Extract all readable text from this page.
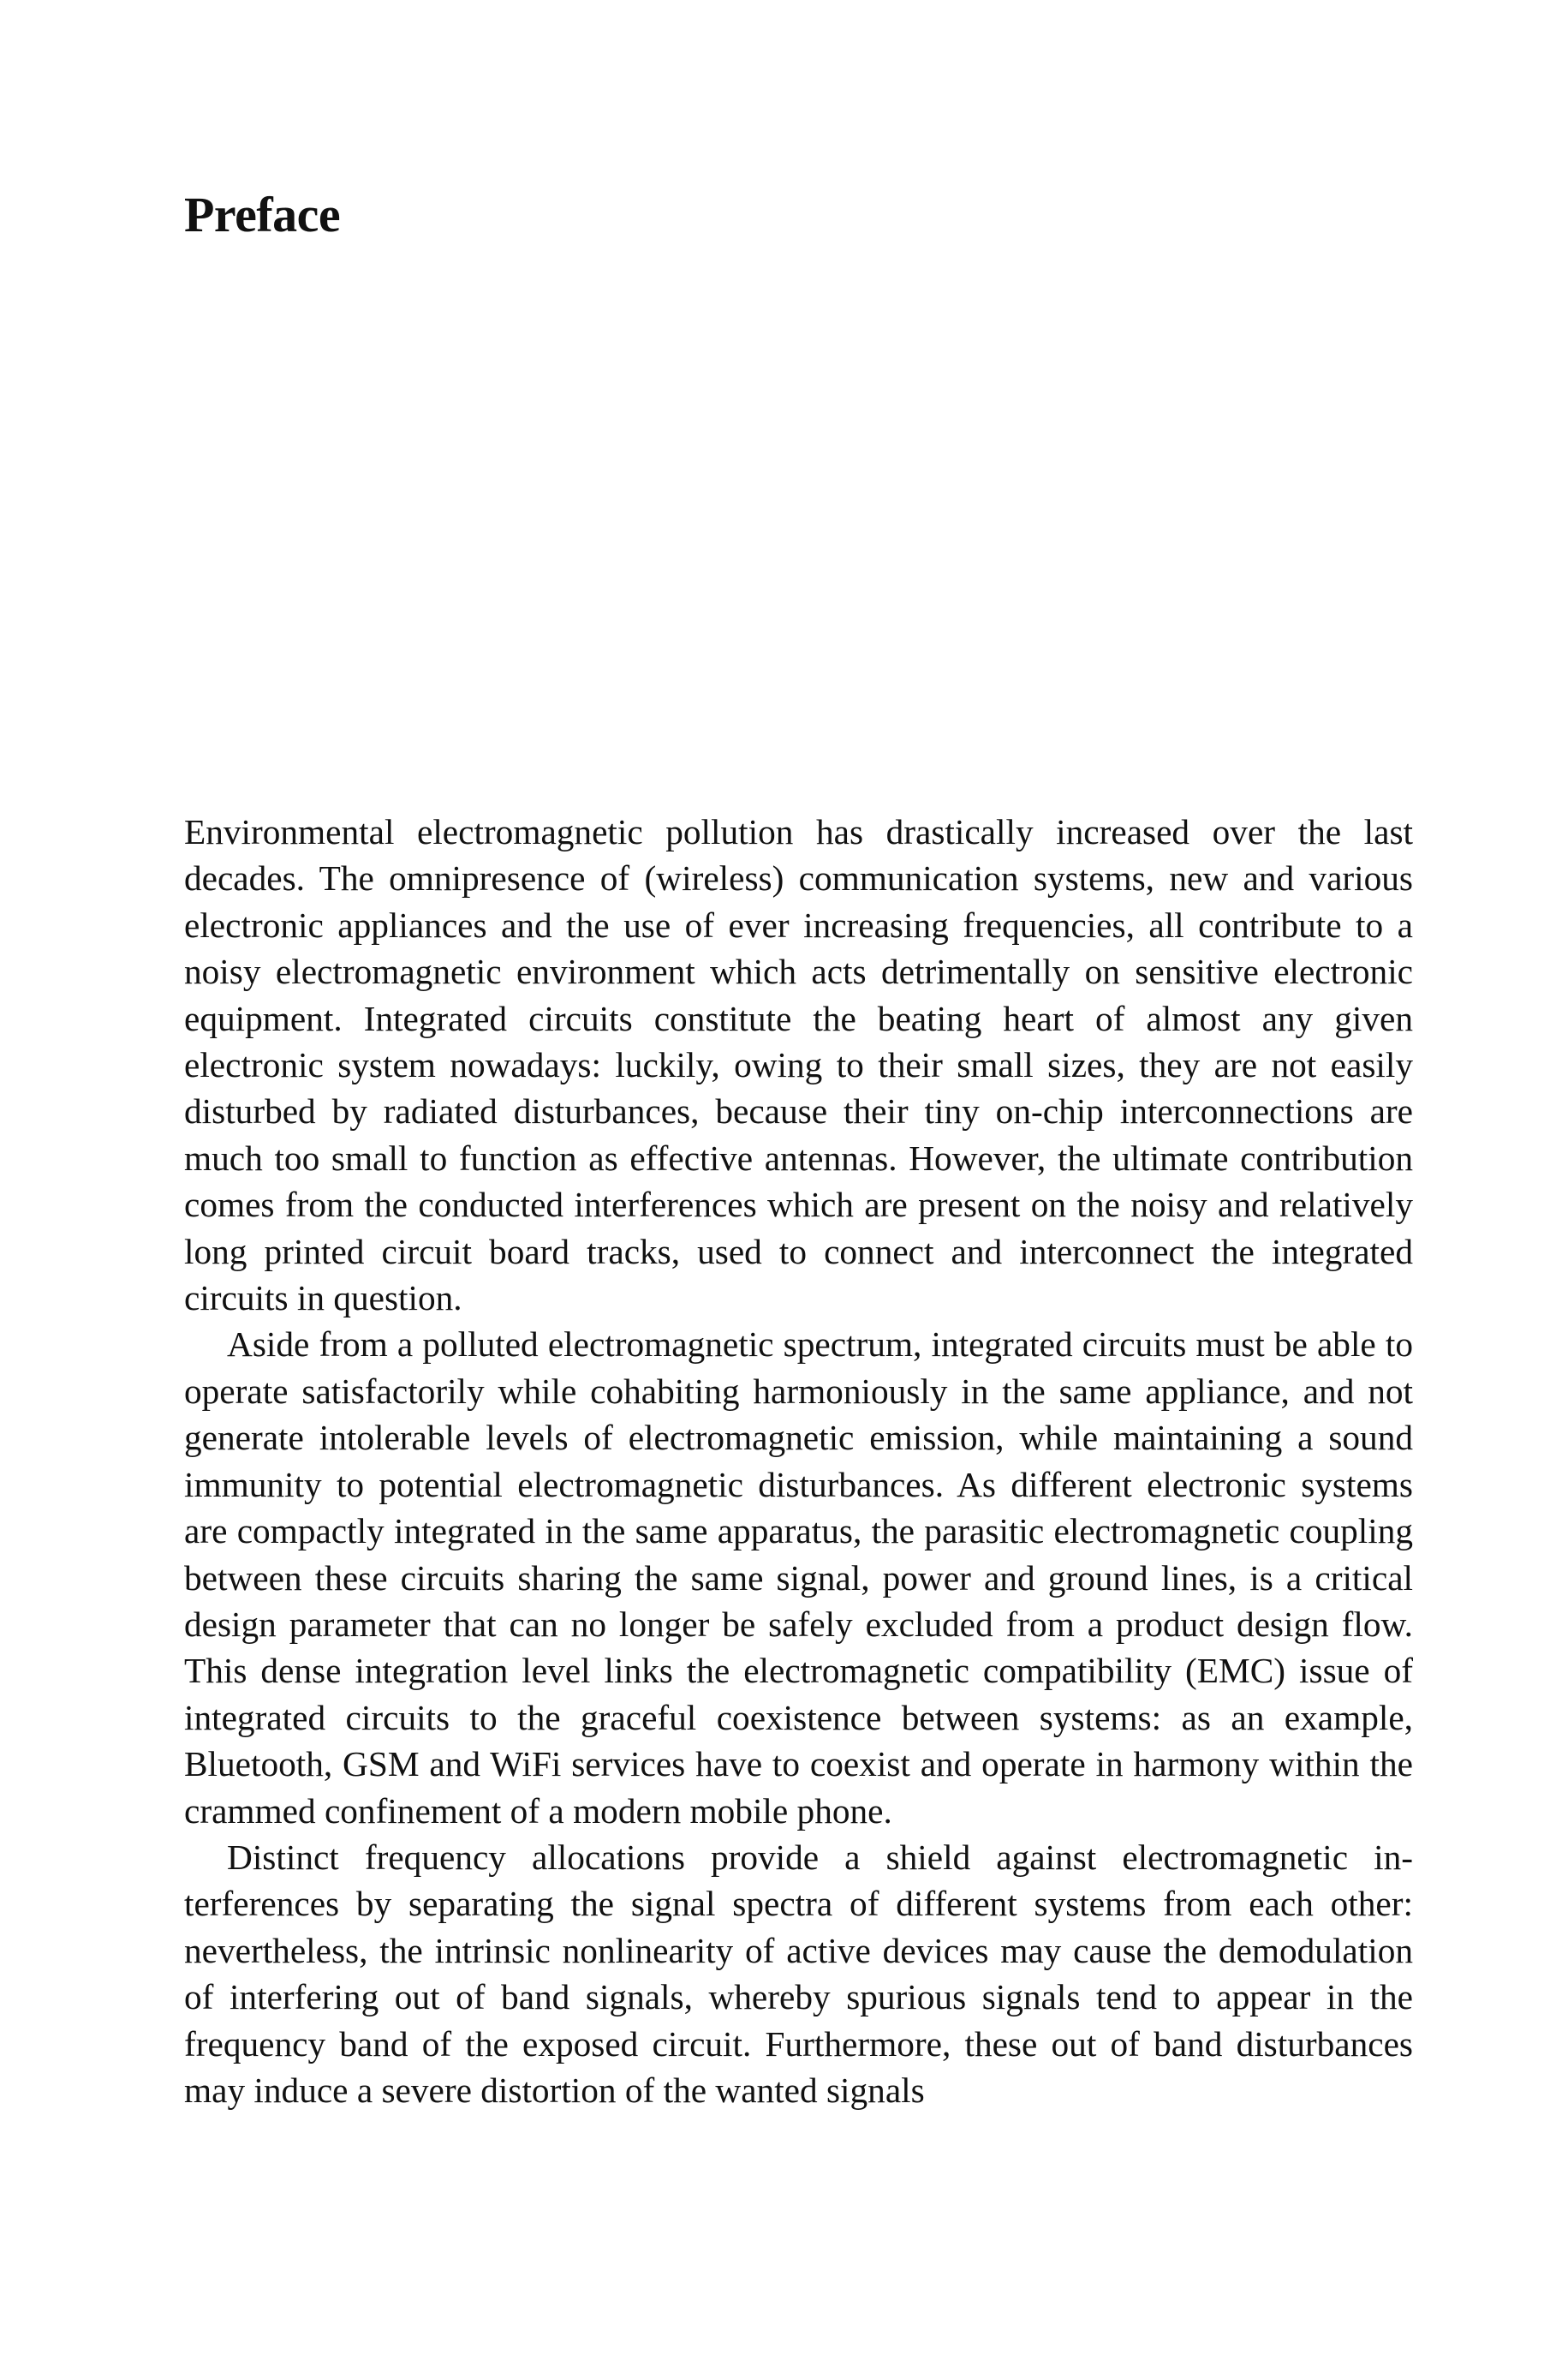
Preface

Environmental electromagnetic pollution has drastically increased over the last decades. The omnipresence of (wireless) communication systems, new and various electronic appliances and the use of ever increasing frequencies, all contribute to a noisy electromagnetic environment which acts detrimentally on sensitive electronic equipment. Integrated circuits constitute the beating heart of almost any given electronic system nowadays: luckily, owing to their small sizes, they are not easily disturbed by radiated disturbances, because their tiny on-chip interconnections are much too small to function as effective antennas. However, the ultimate contribution comes from the conducted interferences which are present on the noisy and relatively long printed circuit board tracks, used to connect and interconnect the integrated circuits in question.

Aside from a polluted electromagnetic spectrum, integrated circuits must be able to operate satisfactorily while cohabiting harmoniously in the same appliance, and not generate intolerable levels of electromagnetic emission, while maintaining a sound immunity to potential electromagnetic disturbances. As different electronic systems are compactly integrated in the same apparatus, the parasitic electromagnetic coupling between these circuits sharing the same signal, power and ground lines, is a critical design parameter that can no longer be safely excluded from a product design flow. This dense integration level links the electromagnetic compatibility (EMC) issue of integrated circuits to the graceful coexistence between systems: as an example, Bluetooth, GSM and WiFi services have to coexist and operate in harmony within the crammed confinement of a modern mobile phone.

Distinct frequency allocations provide a shield against electromagnetic interferences by separating the signal spectra of different systems from each other: nevertheless, the intrinsic nonlinearity of active devices may cause the demodulation of interfering out of band signals, whereby spurious signals tend to appear in the frequency band of the exposed circuit. Furthermore, these out of band disturbances may induce a severe distortion of the wanted signals
